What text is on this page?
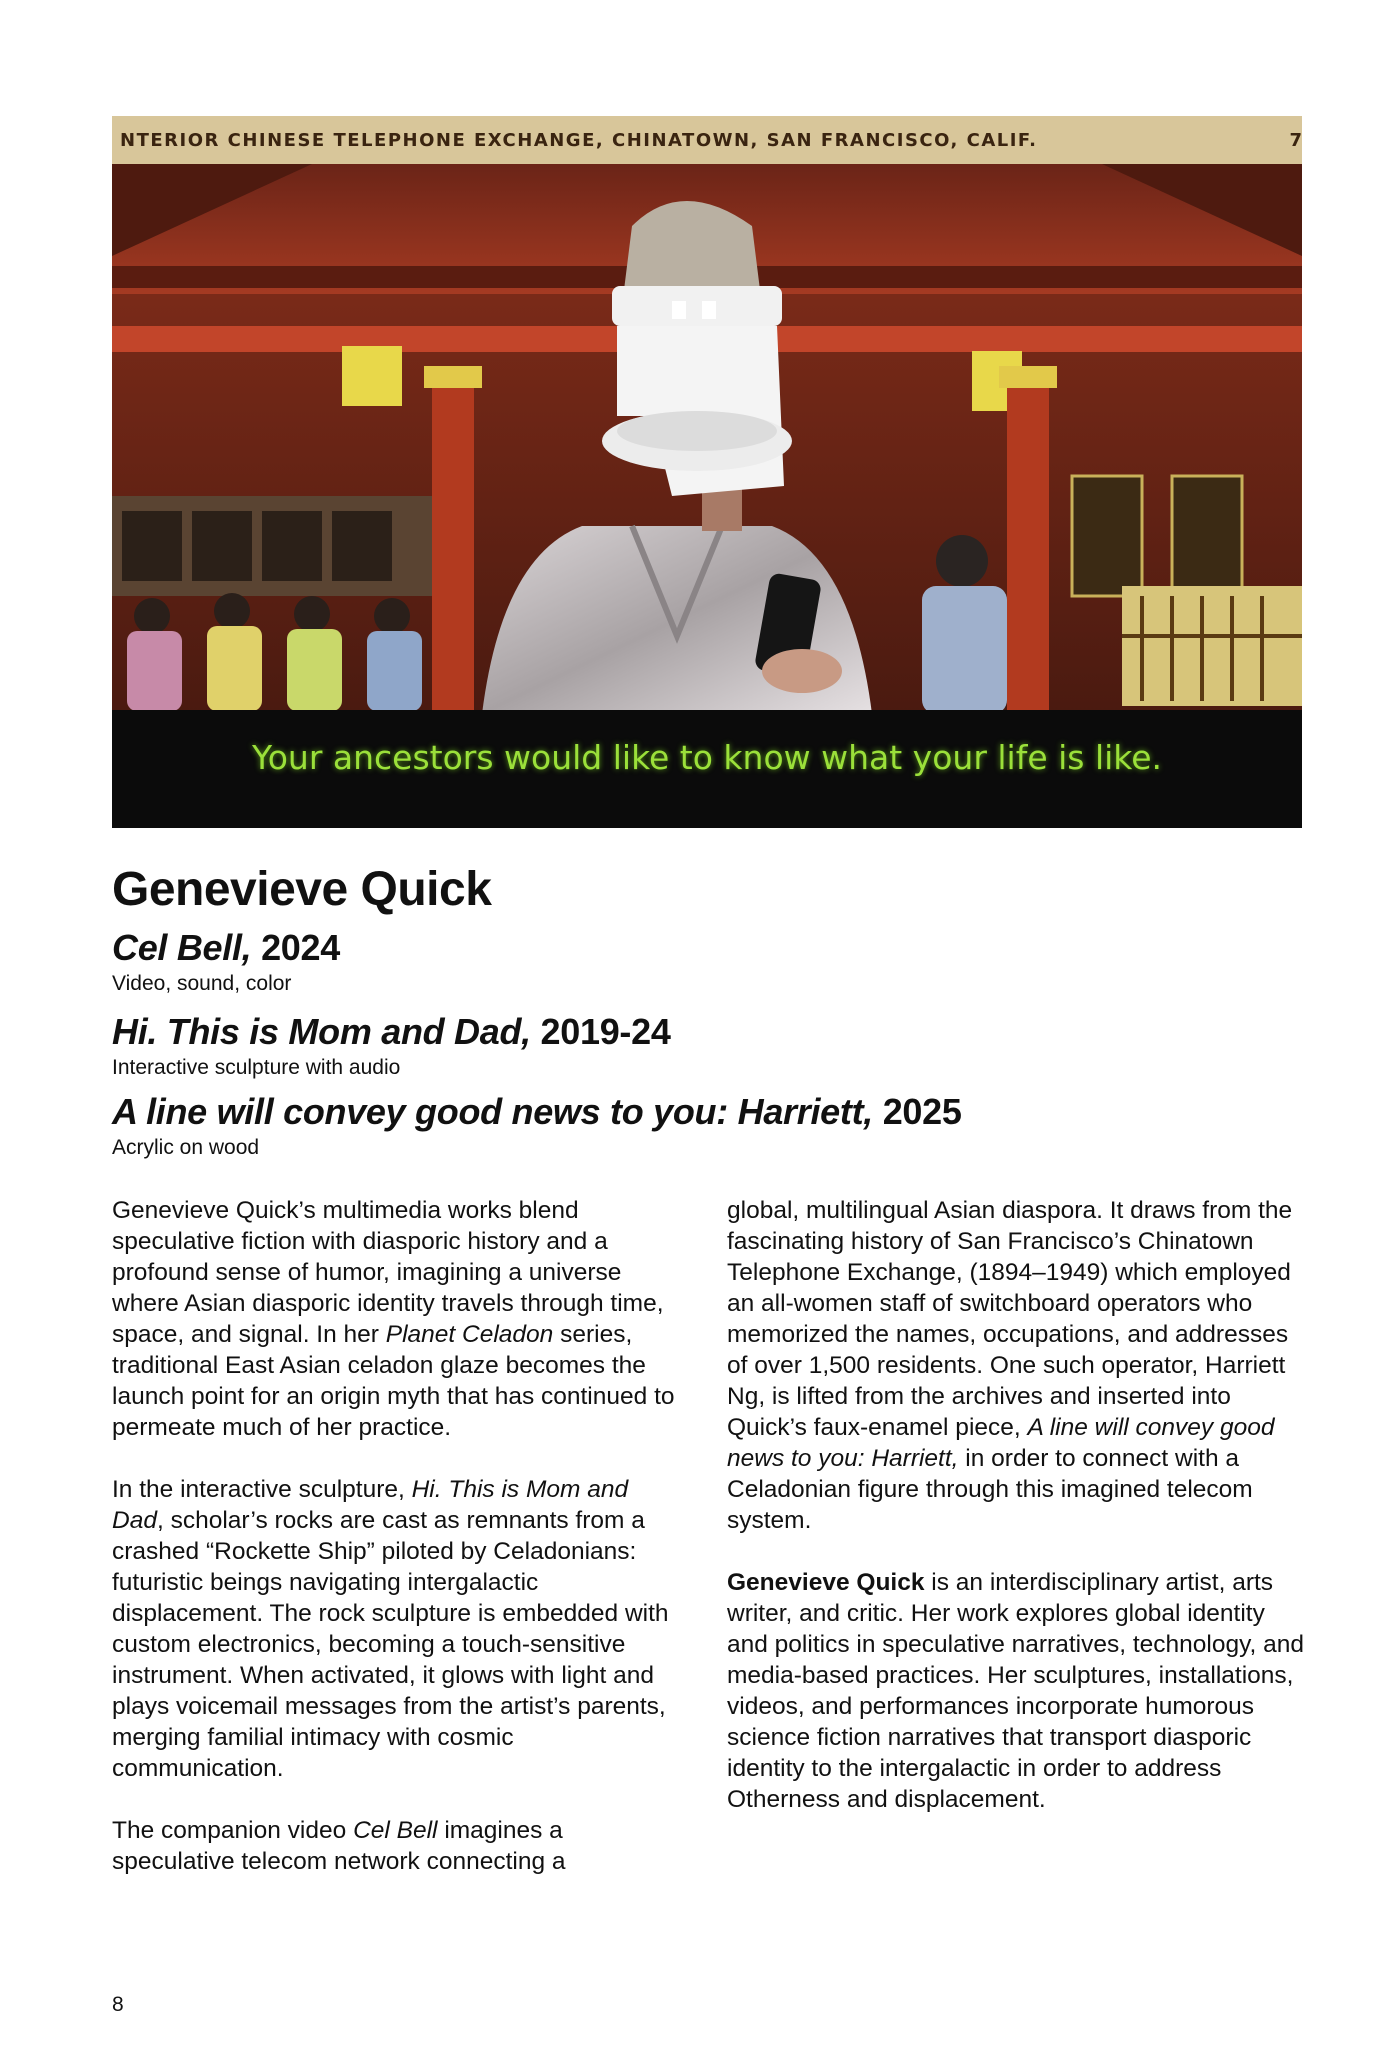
NTERIOR CHINESE TELEPHONE EXCHANGE, CHINATOWN, SAN FRANCISCO, CALIF.	7
Your ancestors would like to know what your life is like.
Genevieve Quick

Cel Bell, 2024

Video, sound, color

Hi. This is Mom and Dad, 2019-24

Interactive sculpture with audio

A line will convey good news to you: Harriett, 2025

Acrylic on wood

Genevieve Quick’s multimedia works blend speculative fiction with diasporic history and a profound sense of humor, imagining a universe where Asian diasporic identity travels through time, space, and signal. In her Planet Celadon series, traditional East Asian celadon glaze becomes the launch point for an origin myth that has continued to permeate much of her practice.

In the interactive sculpture, Hi. This is Mom and Dad, scholar’s rocks are cast as remnants from a crashed “Rockette Ship” piloted by Celadonians: futuristic beings navigating intergalactic displacement. The rock sculpture is embedded with custom electronics, becoming a touch-sensitive instrument. When activated, it glows with light and plays voicemail messages from the artist’s parents, merging familial intimacy with cosmic communication.

The companion video Cel Bell imagines a speculative telecom network connecting a

global, multilingual Asian diaspora. It draws from the fascinating history of San Francisco’s Chinatown Telephone Exchange, (1894–1949) which employed an all-women staff of switchboard operators who memorized the names, occupations, and addresses of over 1,500 residents. One such operator, Harriett Ng, is lifted from the archives and inserted into Quick’s faux-enamel piece, A line will convey good news to you: Harriett, in order to connect with a Celadonian figure through this imagined telecom system.

Genevieve Quick is an interdisciplinary artist, arts writer, and critic. Her work explores global identity and politics in speculative narratives, technology, and media-based practices. Her sculptures, installations, videos, and performances incorporate humorous science fiction narratives that transport diasporic identity to the intergalactic in order to address Otherness and displacement.

8
